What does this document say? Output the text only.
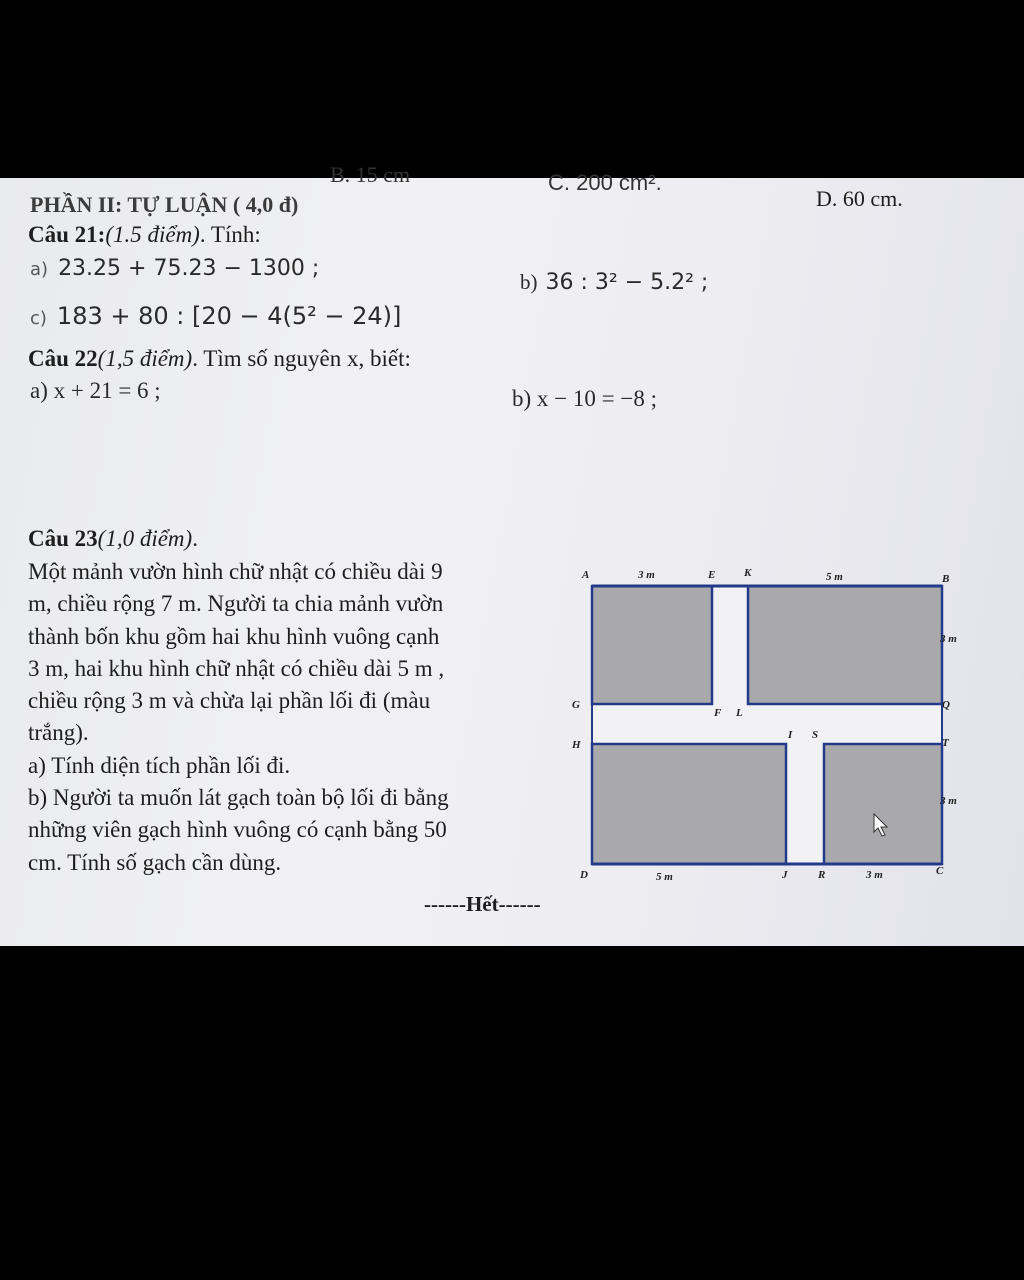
B. 15 cm	C. 200 cm².
D. 60 cm.
PHẦN II: TỰ LUẬN ( 4,0 đ)
Câu 21:(1.5 điểm). Tính:
a) 23.25 + 75.23 − 1300 ;
b) 36 : 3² − 5.2² ;
c) 183 + 80 : [20 − 4(5² − 24)]
Câu 22(1,5 điểm). Tìm số nguyên x, biết:
a) x + 21 = 6 ;	b) x − 10 = −8 ;
Câu 23(1,0 điểm).
Một mảnh vườn hình chữ nhật có chiều dài 9
m, chiều rộng 7 m. Người ta chia mảnh vườn
thành bốn khu gồm hai khu hình vuông cạnh
3 m, hai khu hình chữ nhật có chiều dài 5 m ,
chiều rộng 3 m và chừa lại phần lối đi (màu
trắng).
a) Tính diện tích phần lối đi.
b) Người ta muốn lát gạch toàn bộ lối đi bằng
những viên gạch hình vuông có cạnh bằng 50
cm. Tính số gạch cần dùng.
A	3 m	E	K	5 m	B
3 m
G
F L
Q
H
I S
T
3 m
D	5 m	J	R	3 m	C
------Hết------
